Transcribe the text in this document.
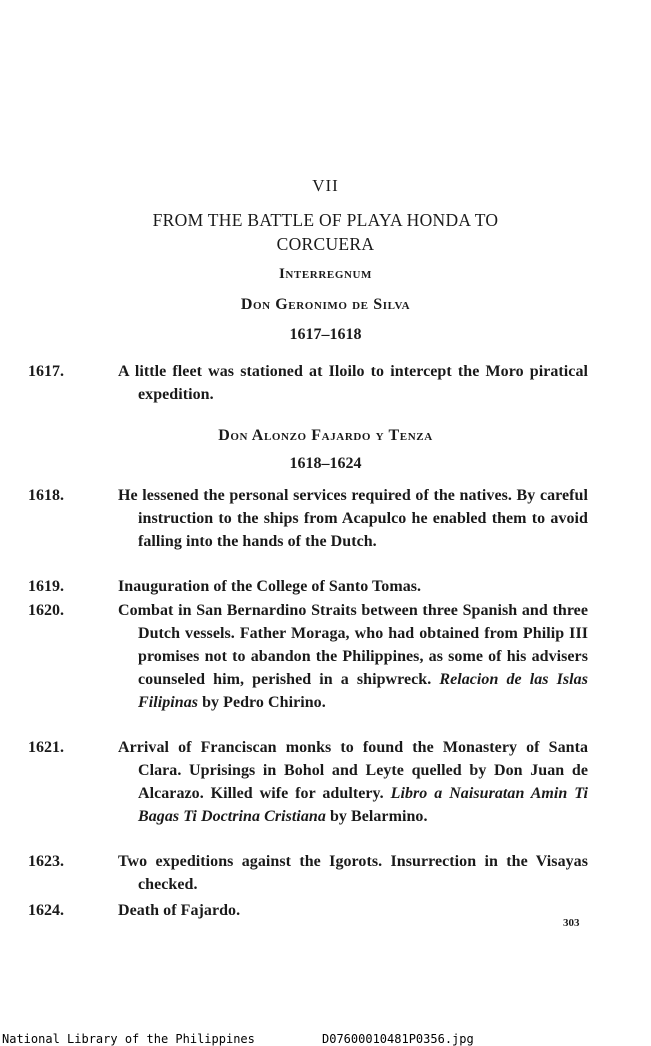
VII
FROM THE BATTLE OF PLAYA HONDA TO
CORCUERA
Interregnum
Don Geronimo de Silva
1617–1618
1617.	A little fleet was stationed at Iloilo to intercept the Moro piratical expedition.
Don Alonzo Fajardo y Tenza
1618–1624
1618.	He lessened the personal services required of the natives. By careful instruction to the ships from Acapulco he enabled them to avoid falling into the hands of the Dutch.
1619.	Inauguration of the College of Santo Tomas.
1620.	Combat in San Bernardino Straits between three Spanish and three Dutch vessels. Father Moraga, who had obtained from Philip III promises not to abandon the Philippines, as some of his advisers counseled him, perished in a shipwreck. Relacion de las Islas Filipinas by Pedro Chirino.
1621.	Arrival of Franciscan monks to found the Monastery of Santa Clara. Uprisings in Bohol and Leyte quelled by Don Juan de Alcarazo. Killed wife for adultery. Libro a Naisuratan Amin Ti Bagas Ti Doctrina Cristiana by Belarmino.
1623.	Two expeditions against the Igorots. Insurrection in the Visayas checked.
1624.	Death of Fajardo.
303
National Library of the Philippines	D07600010481P0356.jpg
